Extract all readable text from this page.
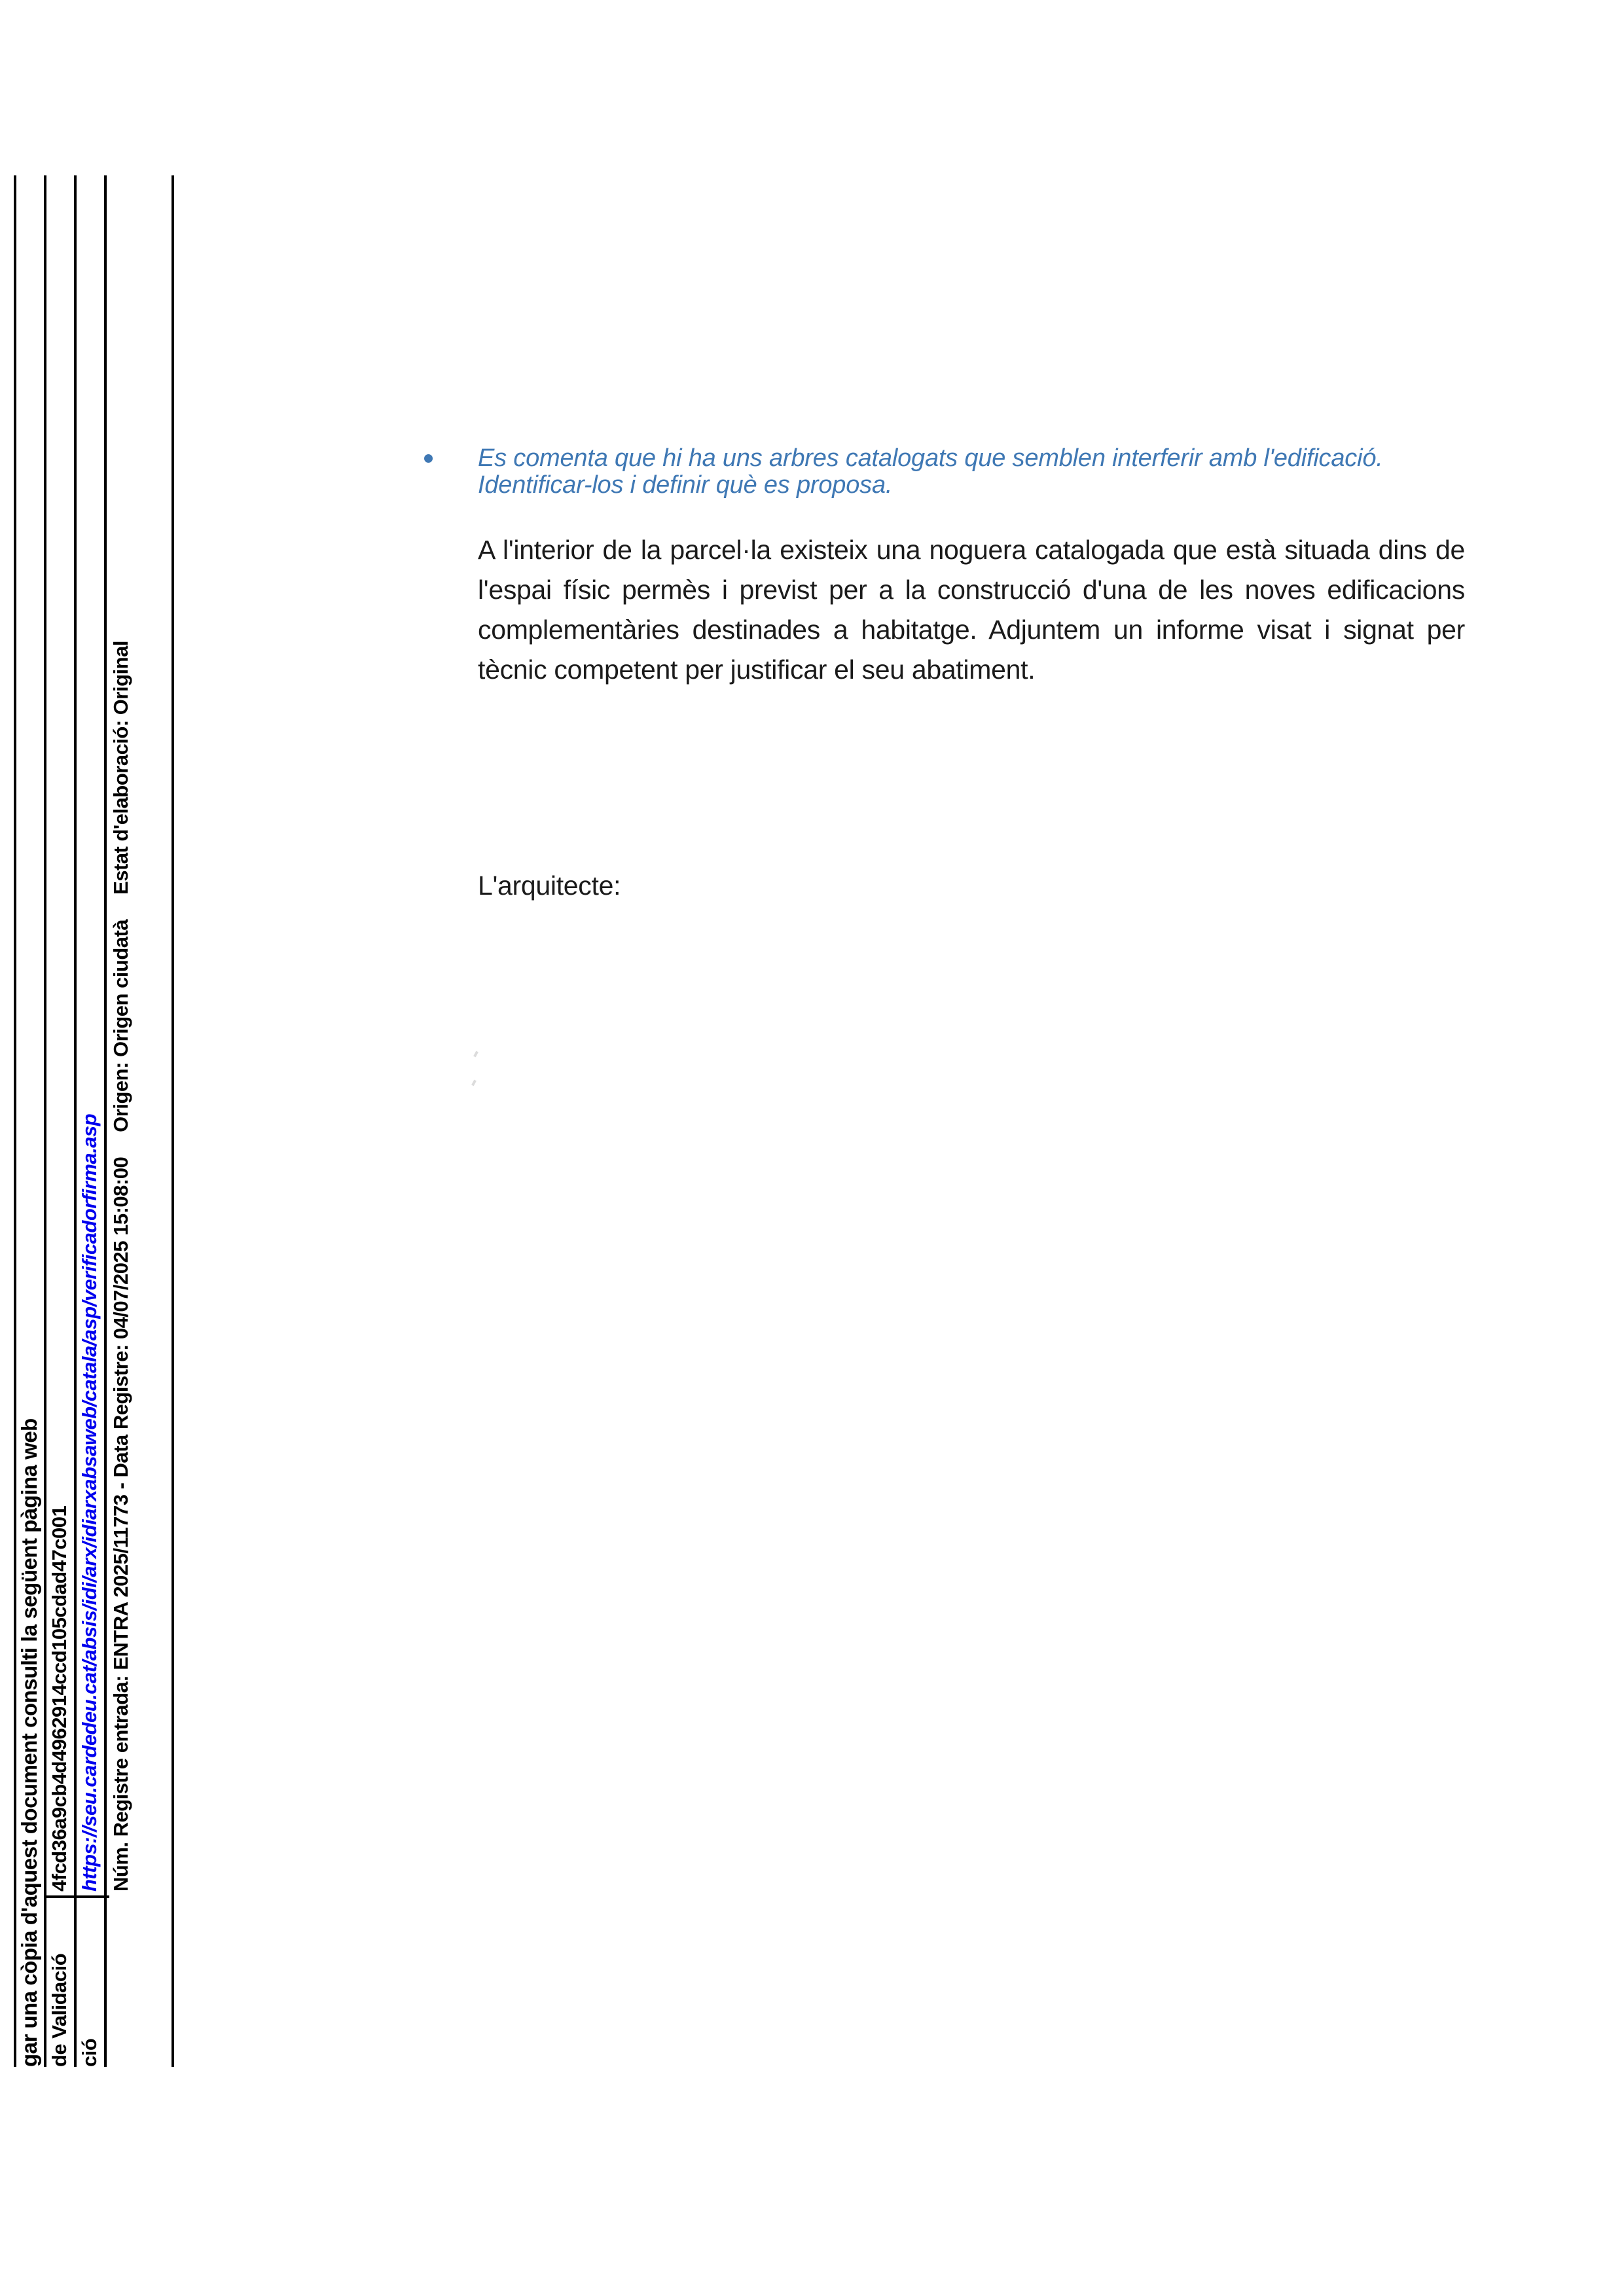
gar una còpia d'aquest document consulti la següent pàgina web 4fcd36a9cb4d4962914ccd105cdad47c001
de Validació
https://seu.cardedeu.cat/absis/idi/arx/idiarxabsaweb/catala/asp/verificadorfirma.asp
ció
Núm. Registre entrada: ENTRA 2025/11773 - Data Registre: 04/07/2025 15:08:00Origen: Origen ciudatàEstat d'elaboració: Original
Es comenta que hi ha uns arbres catalogats que semblen interferir amb l'edificació.
Identificar-los i definir què es proposa.
A l'interior de la parcel·la existeix una noguera catalogada que està situada dins de
l'espai físic permès i previst per a la construcció d'una de les noves edificacions
complementàries destinades a habitatge. Adjuntem un informe visat i signat per
tècnic competent per justificar el seu abatiment.
L'arquitecte:
